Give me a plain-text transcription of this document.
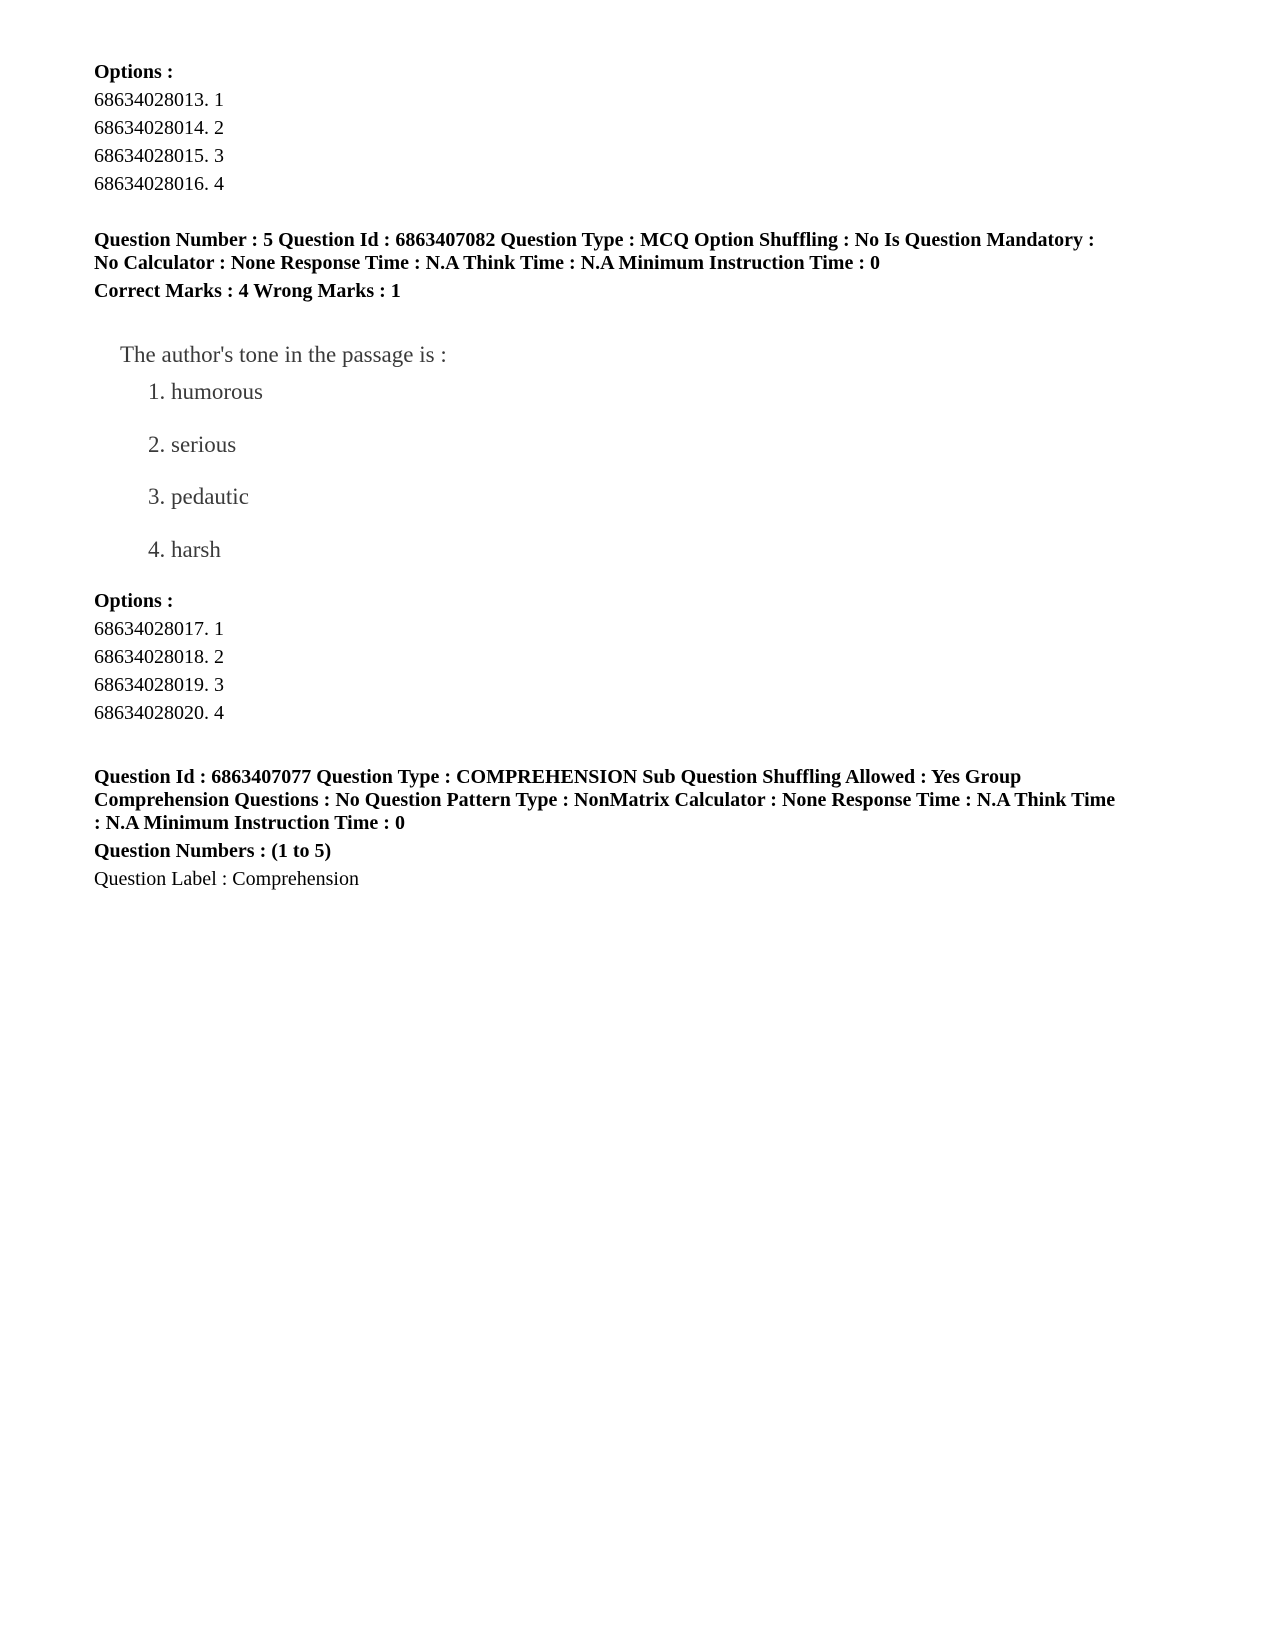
Options :
68634028013. 1
68634028014. 2
68634028015. 3
68634028016. 4
Question Number : 5 Question Id : 6863407082 Question Type : MCQ Option Shuffling : No Is Question Mandatory :
No Calculator : None Response Time : N.A Think Time : N.A Minimum Instruction Time : 0
Correct Marks : 4 Wrong Marks : 1
The author's tone in the passage is :
1. humorous
2. serious
3. pedautic
4. harsh
Options :
68634028017. 1
68634028018. 2
68634028019. 3
68634028020. 4
Question Id : 6863407077 Question Type : COMPREHENSION Sub Question Shuffling Allowed : Yes Group
Comprehension Questions : No Question Pattern Type : NonMatrix Calculator : None Response Time : N.A Think Time
: N.A Minimum Instruction Time : 0
Question Numbers : (1 to 5)
Question Label : Comprehension
